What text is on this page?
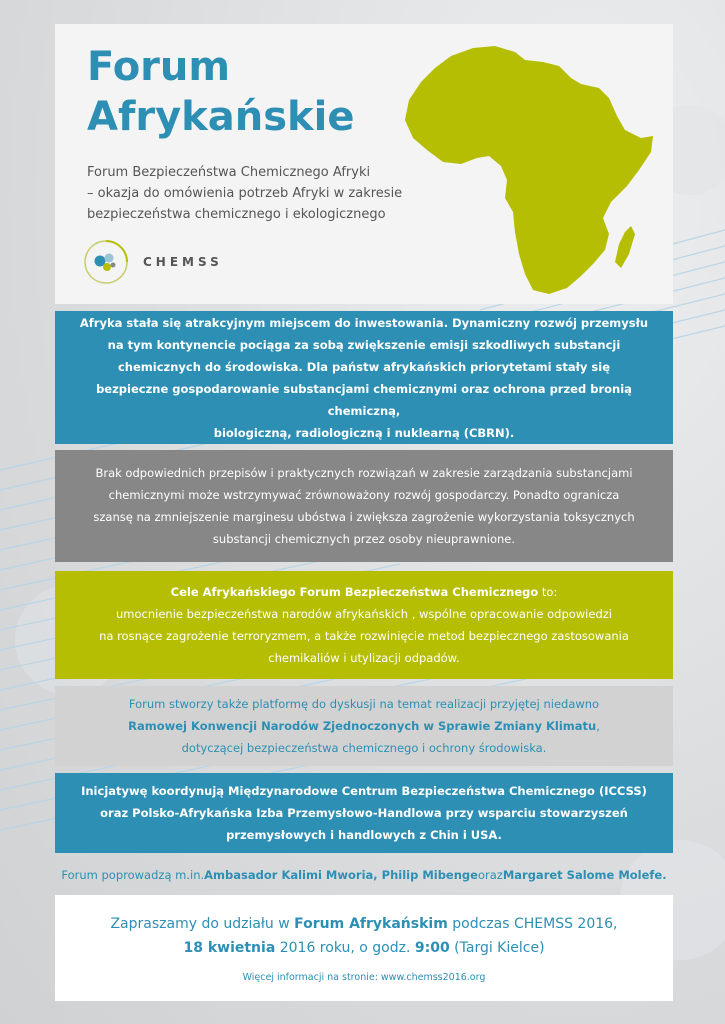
Forum
Afrykańskie

Forum Bezpieczeństwa Chemicznego Afryki
– okazja do omówienia potrzeb Afryki w zakresie
bezpieczeństwa chemicznego i ekologicznego

CHEMSS

Afryka stała się atrakcyjnym miejscem do inwestowania. Dynamiczny rozwój przemysłu
na tym kontynencie pociąga za sobą zwiększenie emisji szkodliwych substancji
chemicznych do środowiska. Dla państw afrykańskich priorytetami stały się
bezpieczne gospodarowanie substancjami chemicznymi oraz ochrona przed bronią chemiczną,
biologiczną, radiologiczną i nuklearną (CBRN).

Brak odpowiednich przepisów i praktycznych rozwiązań w zakresie zarządzania substancjami
chemicznymi może wstrzymywać zrównoważony rozwój gospodarczy. Ponadto ogranicza
szansę na zmniejszenie marginesu ubóstwa i zwiększa zagrożenie wykorzystania toksycznych
substancji chemicznych przez osoby nieuprawnione.

Cele Afrykańskiego Forum Bezpieczeństwa Chemicznego to:
umocnienie bezpieczeństwa narodów afrykańskich , wspólne opracowanie odpowiedzi
na rosnące zagrożenie terroryzmem, a także rozwinięcie metod bezpiecznego zastosowania
chemikaliów i utylizacji odpadów.

Forum stworzy także platformę do dyskusji na temat realizacji przyjętej niedawno
Ramowej Konwencji Narodów Zjednoczonych w Sprawie Zmiany Klimatu,
dotyczącej bezpieczeństwa chemicznego i ochrony środowiska.

Inicjatywę koordynują Międzynarodowe Centrum Bezpieczeństwa Chemicznego (ICCSS)
oraz Polsko-Afrykańska Izba Przemysłowo-Handlowa przy wsparciu stowarzyszeń
przemysłowych i handlowych z Chin i USA.

Forum poprowadzą m.in. Ambasador Kalimi Mworia, Philip Mibenge oraz Margaret Salome Molefe.

Zapraszamy do udziału w Forum Afrykańskim podczas CHEMSS 2016,

18 kwietnia 2016 roku, o godz. 9:00 (Targi Kielce)

Więcej informacji na stronie: www.chemss2016.org
